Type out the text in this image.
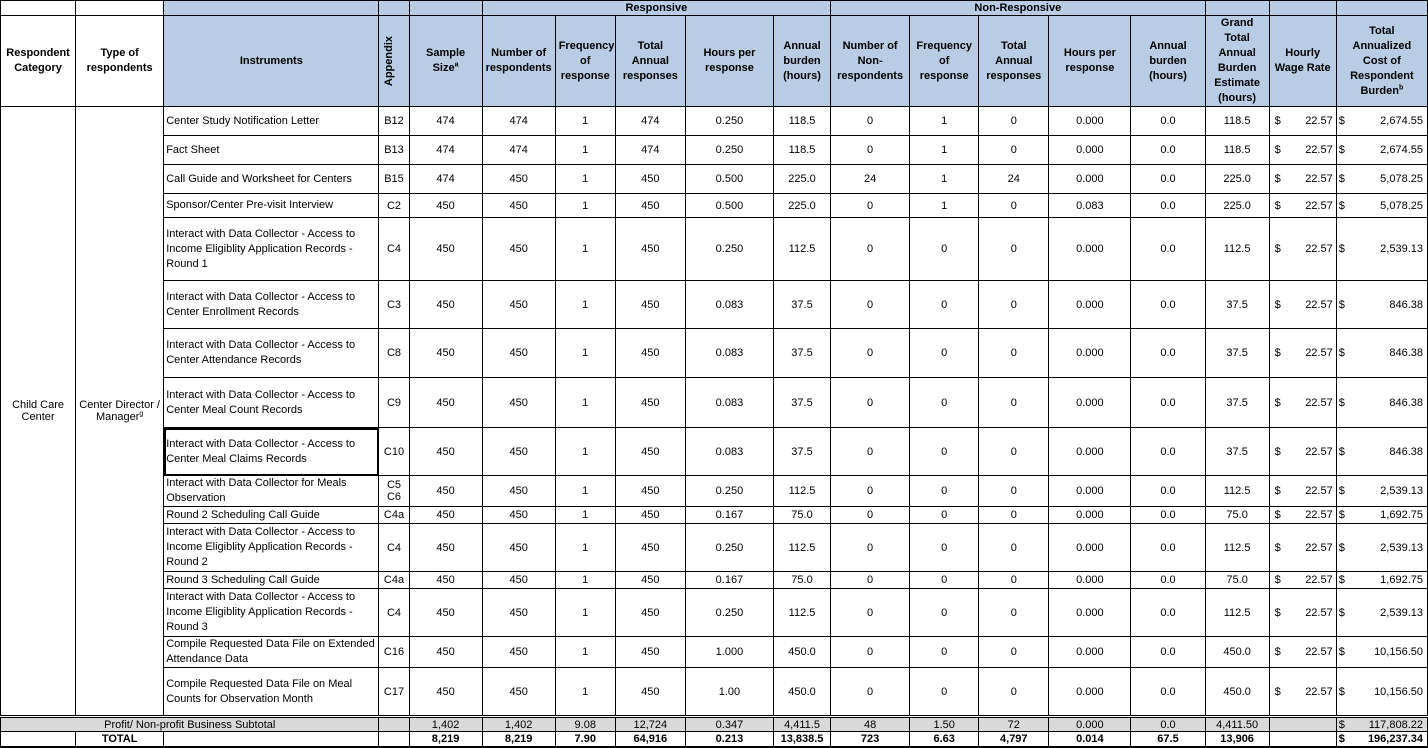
					Responsive					Non-Responsive									
Respondent Category	Type of respondents	Instruments	Appendix	Sample Size$^a$	Number of respondents	Frequency of response	Total Annual responses	Hours per response	Annual burden (hours)	Number of Non-respondents	Frequency of response	Total Annual responses	Hours per response	Annual burden (hours)	Grand Total Annual Burden Estimate (hours)	Hourly Wage Rate		Total Annualized Cost of Respondent Burden$^b$
Child Care Center	Center Director / Manager$^g$	Center Study Notification Letter	B12	474	474	1	474	0.250	118.5	0	1	0	0.000	0.0	118.5	$	22.57	$	2,674.55
		Fact Sheet	B13	474	474	1	474	0.250	118.5	0	1	0	0.000	0.0	118.5	$	22.57	$	2,674.55
		Call Guide and Worksheet for Centers	B15	474	450	1	450	0.500	225.0	24	1	24	0.000	0.0	225.0	$	22.57	$	5,078.25
		Sponsor/Center Pre-visit Interview	C2	450	450	1	450	0.500	225.0	0	1	0	0.083	0.0	225.0	$	22.57	$	5,078.25
		Interact with Data Collector - Access to Income Eligiblity Application Records - Round 1	C4	450	450	1	450	0.250	112.5	0	0	0	0.000	0.0	112.5	$	22.57	$	2,539.13
		Interact with Data Collector - Access to Center Enrollment Records	C3	450	450	1	450	0.083	37.5	0	0	0	0.000	0.0	37.5	$	22.57	$	846.38
		Interact with Data Collector - Access to Center Attendance Records	C8	450	450	1	450	0.083	37.5	0	0	0	0.000	0.0	37.5	$	22.57	$	846.38
		Interact with Data Collector - Access to Center Meal Count Records	C9	450	450	1	450	0.083	37.5	0	0	0	0.000	0.0	37.5	$	22.57	$	846.38
		Interact with Data Collector - Access to Center Meal Claims Records	C10	450	450	1	450	0.083	37.5	0	0	0	0.000	0.0	37.5	$	22.57	$	846.38
		Interact with Data Collector for Meals Observation	C5 C6	450	450	1	450	0.250	112.5	0	0	0	0.000	0.0	112.5	$	22.57	$	2,539.13
		Round 2 Scheduling Call Guide	C4a	450	450	1	450	0.167	75.0	0	0	0	0.000	0.0	75.0	$	22.57	$	1,692.75
		Interact with Data Collector - Access to Income Eligiblity Application Records - Round 2	C4	450	450	1	450	0.250	112.5	0	0	0	0.000	0.0	112.5	$	22.57	$	2,539.13
		Round 3 Scheduling Call Guide	C4a	450	450	1	450	0.167	75.0	0	0	0	0.000	0.0	75.0	$	22.57	$	1,692.75
		Interact with Data Collector - Access to Income Eligiblity Application Records - Round 3	C4	450	450	1	450	0.250	112.5	0	0	0	0.000	0.0	112.5	$	22.57	$	2,539.13
		Compile Requested Data File on Extended Attendance Data	C16	450	450	1	450	1.000	450.0	0	0	0	0.000	0.0	450.0	$	22.57	$	10,156.50
		Compile Requested Data File on Meal Counts for Observation Month	C17	450	450	1	450	1.00	450.0	0	0	0	0.000	0.0	450.0	$	22.57	$	10,156.50
Profit/ Non-profit Business Subtotal				1,402	1,402	9.08	12,724	0.347	4,411.5	48	1.50	72	0.000	0.0	4,411.50			$	117,808.22
	TOTAL			8,219	8,219	7.90	64,916	0.213	13,838.5	723	6.63	4,797	0.014	67.5	13,906			$	196,237.34
